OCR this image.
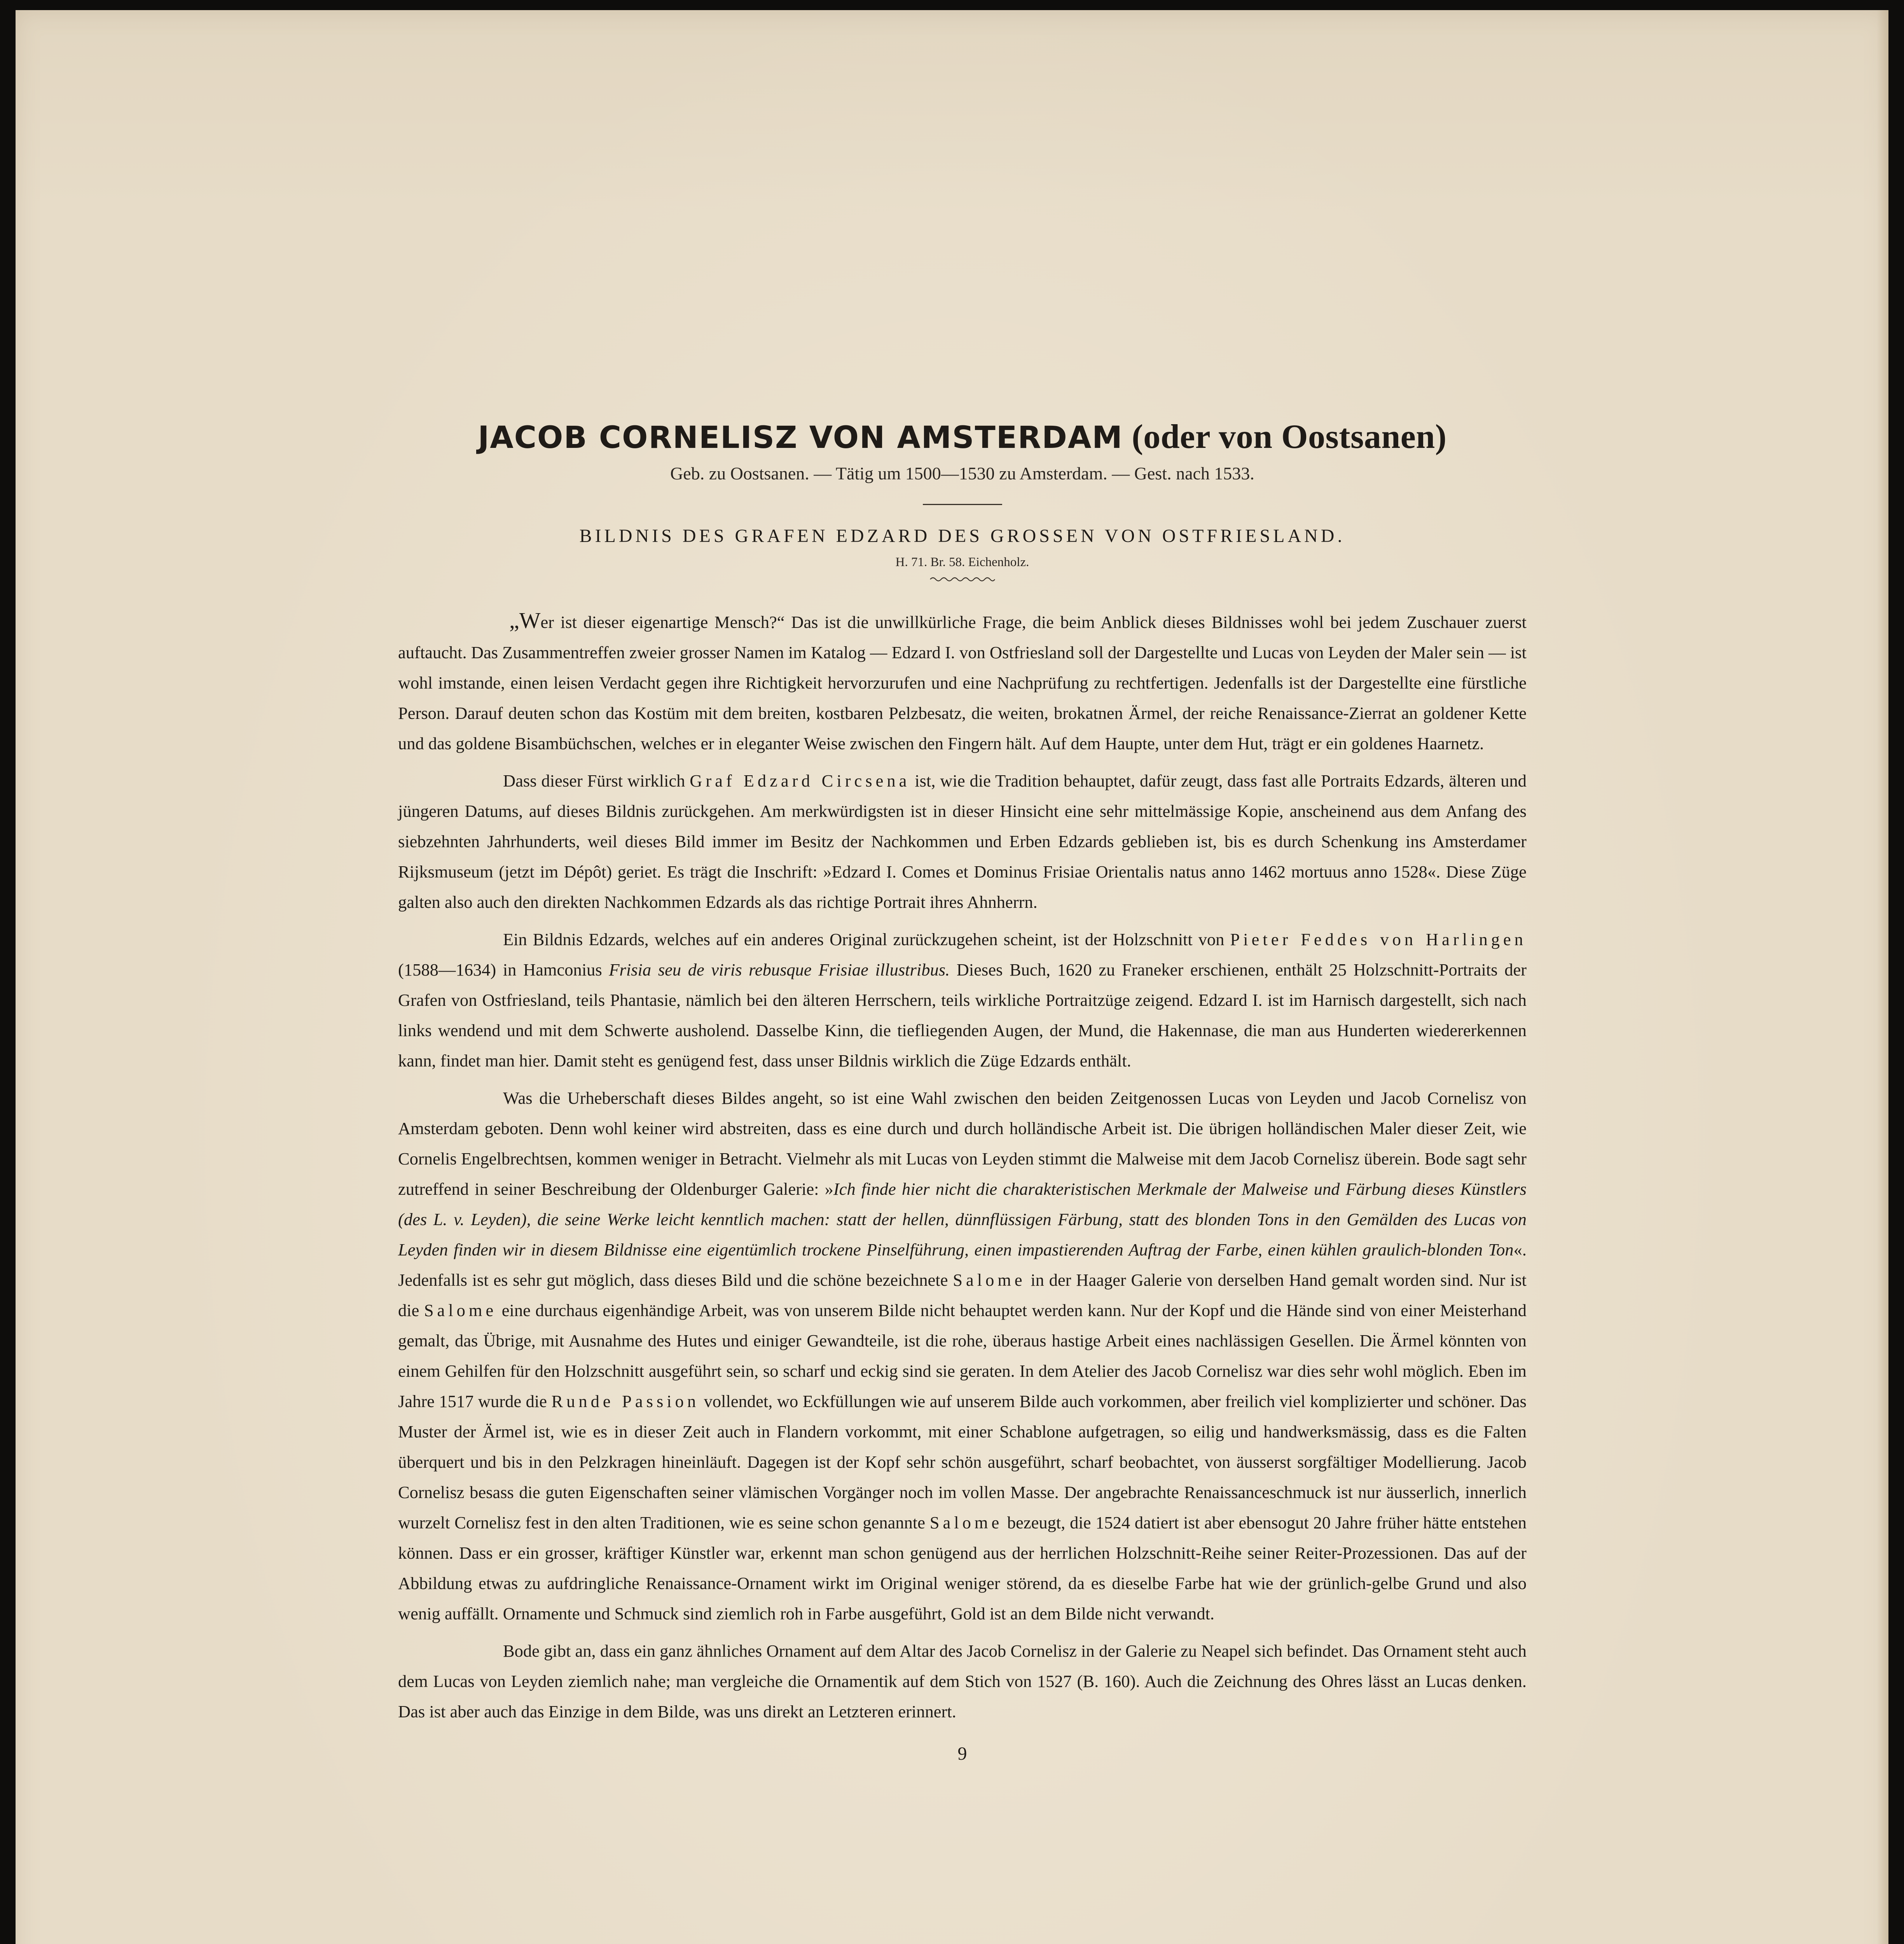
JACOB CORNELISZ VON AMSTERDAM (oder von Oostsanen)
Geb. zu Oostsanen. — Tätig um 1500—1530 zu Amsterdam. — Gest. nach 1533.
BILDNIS DES GRAFEN EDZARD DES GROSSEN VON OSTFRIESLAND.
H. 71. Br. 58. Eichenholz.

„Wer ist dieser eigenartige Mensch?“ Das ist die unwillkürliche Frage, die beim Anblick dieses Bildnisses wohl bei jedem Zuschauer zuerst auftaucht. Das Zusammentreffen zweier grosser Namen im Katalog — Edzard I. von Ostfriesland soll der Dargestellte und Lucas von Leyden der Maler sein — ist wohl imstande, einen leisen Verdacht gegen ihre Richtigkeit hervorzurufen und eine Nachprüfung zu rechtfertigen. Jedenfalls ist der Dargestellte eine fürstliche Person. Darauf deuten schon das Kostüm mit dem breiten, kostbaren Pelzbesatz, die weiten, brokatnen Ärmel, der reiche Renaissance-Zierrat an goldener Kette und das goldene Bisambüchschen, welches er in eleganter Weise zwischen den Fingern hält. Auf dem Haupte, unter dem Hut, trägt er ein goldenes Haarnetz.

Dass dieser Fürst wirklich Graf Edzard Circsena ist, wie die Tradition behauptet, dafür zeugt, dass fast alle Portraits Edzards, älteren und jüngeren Datums, auf dieses Bildnis zurückgehen. Am merkwürdigsten ist in dieser Hinsicht eine sehr mittelmässige Kopie, anscheinend aus dem Anfang des siebzehnten Jahrhunderts, weil dieses Bild immer im Besitz der Nachkommen und Erben Edzards geblieben ist, bis es durch Schenkung ins Amsterdamer Rijksmuseum (jetzt im Dépôt) geriet. Es trägt die Inschrift: »Edzard I. Comes et Dominus Frisiae Orientalis natus anno 1462 mortuus anno 1528«. Diese Züge galten also auch den direkten Nachkommen Edzards als das richtige Portrait ihres Ahnherrn.

Ein Bildnis Edzards, welches auf ein anderes Original zurückzugehen scheint, ist der Holzschnitt von Pieter Feddes von Harlingen (1588—1634) in Hamconius Frisia seu de viris rebusque Frisiae illustribus. Dieses Buch, 1620 zu Franeker erschienen, enthält 25 Holzschnitt-Portraits der Grafen von Ostfriesland, teils Phantasie, nämlich bei den älteren Herrschern, teils wirkliche Portraitzüge zeigend. Edzard I. ist im Harnisch dargestellt, sich nach links wendend und mit dem Schwerte ausholend. Dasselbe Kinn, die tiefliegenden Augen, der Mund, die Hakennase, die man aus Hunderten wiedererkennen kann, findet man hier. Damit steht es genügend fest, dass unser Bildnis wirklich die Züge Edzards enthält.

Was die Urheberschaft dieses Bildes angeht, so ist eine Wahl zwischen den beiden Zeitgenossen Lucas von Leyden und Jacob Cornelisz von Amsterdam geboten. Denn wohl keiner wird abstreiten, dass es eine durch und durch holländische Arbeit ist. Die übrigen holländischen Maler dieser Zeit, wie Cornelis Engelbrechtsen, kommen weniger in Betracht. Vielmehr als mit Lucas von Leyden stimmt die Malweise mit dem Jacob Cornelisz überein. Bode sagt sehr zutreffend in seiner Beschreibung der Oldenburger Galerie: »Ich finde hier nicht die charakteristischen Merkmale der Malweise und Färbung dieses Künstlers (des L. v. Leyden), die seine Werke leicht kenntlich machen: statt der hellen, dünnflüssigen Färbung, statt des blonden Tons in den Gemälden des Lucas von Leyden finden wir in diesem Bildnisse eine eigentümlich trockene Pinselführung, einen impastierenden Auftrag der Farbe, einen kühlen graulich-blonden Ton«. Jedenfalls ist es sehr gut möglich, dass dieses Bild und die schöne bezeichnete Salome in der Haager Galerie von derselben Hand gemalt worden sind. Nur ist die Salome eine durchaus eigenhändige Arbeit, was von unserem Bilde nicht behauptet werden kann. Nur der Kopf und die Hände sind von einer Meisterhand gemalt, das Übrige, mit Ausnahme des Hutes und einiger Gewandteile, ist die rohe, überaus hastige Arbeit eines nachlässigen Gesellen. Die Ärmel könnten von einem Gehilfen für den Holzschnitt ausgeführt sein, so scharf und eckig sind sie geraten. In dem Atelier des Jacob Cornelisz war dies sehr wohl möglich. Eben im Jahre 1517 wurde die Runde Passion vollendet, wo Eckfüllungen wie auf unserem Bilde auch vorkommen, aber freilich viel komplizierter und schöner. Das Muster der Ärmel ist, wie es in dieser Zeit auch in Flandern vorkommt, mit einer Schablone aufgetragen, so eilig und handwerksmässig, dass es die Falten überquert und bis in den Pelzkragen hineinläuft. Dagegen ist der Kopf sehr schön ausgeführt, scharf beobachtet, von äusserst sorgfältiger Modellierung. Jacob Cornelisz besass die guten Eigenschaften seiner vlämischen Vorgänger noch im vollen Masse. Der angebrachte Renaissanceschmuck ist nur äusserlich, innerlich wurzelt Cornelisz fest in den alten Traditionen, wie es seine schon genannte Salome bezeugt, die 1524 datiert ist aber ebensogut 20 Jahre früher hätte entstehen können. Dass er ein grosser, kräftiger Künstler war, erkennt man schon genügend aus der herrlichen Holzschnitt-Reihe seiner Reiter-Prozessionen. Das auf der Abbildung etwas zu aufdringliche Renaissance-Ornament wirkt im Original weniger störend, da es dieselbe Farbe hat wie der grünlich-gelbe Grund und also wenig auffällt. Ornamente und Schmuck sind ziemlich roh in Farbe ausgeführt, Gold ist an dem Bilde nicht verwandt.

Bode gibt an, dass ein ganz ähnliches Ornament auf dem Altar des Jacob Cornelisz in der Galerie zu Neapel sich befindet. Das Ornament steht auch dem Lucas von Leyden ziemlich nahe; man vergleiche die Ornamentik auf dem Stich von 1527 (B. 160). Auch die Zeichnung des Ohres lässt an Lucas denken. Das ist aber auch das Einzige in dem Bilde, was uns direkt an Letzteren erinnert.

9
